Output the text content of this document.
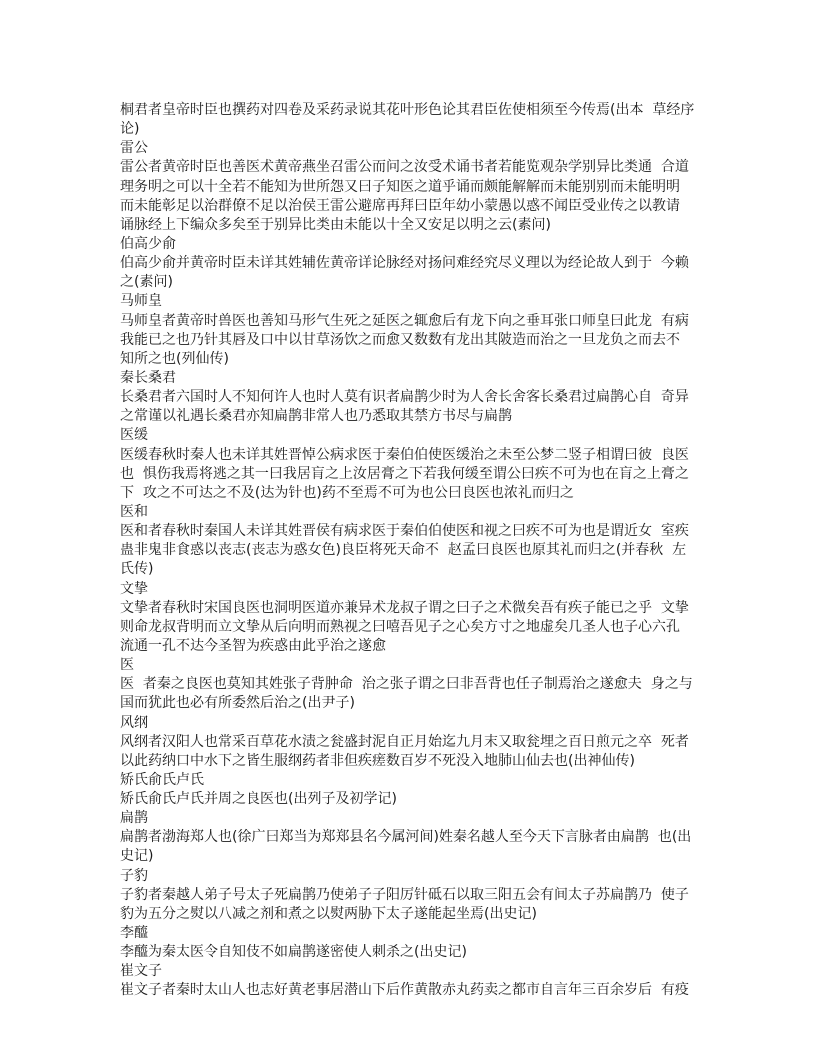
桐君者皇帝时臣也撰药对四卷及采药录说其花叶形色论其君臣佐使相须至今传焉(出本  草经序
论)
雷公
雷公者黄帝时臣也善医术黄帝燕坐召雷公而问之汝受术诵书者若能览观杂学别异比类通  合道
理务明之可以十全若不能知为世所怨又曰子知医之道乎诵而颇能解解而未能别别而未能明明
而未能彰足以治群僚不足以治侯王雷公避席再拜曰臣年幼小蒙愚以惑不闻臣受业传之以教请
诵脉经上下编众多矣至于别异比类由未能以十全又安足以明之云(素问)
伯高少俞
伯高少俞并黄帝时臣未详其姓辅佐黄帝详论脉经对扬问难经究尽义理以为经论故人到于  今赖
之(素问)
马师皇
马师皇者黄帝时兽医也善知马形气生死之延医之辄愈后有龙下向之垂耳张口师皇曰此龙  有病
我能已之也乃针其唇及口中以甘草汤饮之而愈又数数有龙出其陂造而治之一旦龙负之而去不
知所之也(列仙传)
秦长桑君
长桑君者六国时人不知何许人也时人莫有识者扁鹊少时为人舍长舍客长桑君过扁鹊心自  奇异
之常谨以礼遇长桑君亦知扁鹊非常人也乃悉取其禁方书尽与扁鹊
医缓
医缓春秋时秦人也未详其姓晋悼公病求医于秦伯伯使医缓治之未至公梦二竖子相谓曰彼  良医
也  惧伤我焉将逃之其一曰我居肓之上汝居膏之下若我何缓至谓公曰疾不可为也在肓之上膏之
下  攻之不可达之不及(达为针也)药不至焉不可为也公曰良医也浓礼而归之
医和
医和者春秋时秦国人未详其姓晋侯有病求医于秦伯伯使医和视之曰疾不可为也是谓近女  室疾
蛊非鬼非食惑以丧志(丧志为惑女色)良臣将死天命不  赵孟曰良医也原其礼而归之(并春秋  左
氏传)
文挚
文挚者春秋时宋国良医也洞明医道亦兼异术龙叔子谓之曰子之术微矣吾有疾子能已之乎  文挚
则命龙叔背明而立文挚从后向明而熟视之曰嘻吾见子之心矣方寸之地虚矣几圣人也子心六孔
流通一孔不达今圣智为疾惑由此乎治之遂愈
医
医  者秦之良医也莫知其姓张子背肿命  治之张子谓之曰非吾背也任子制焉治之遂愈夫  身之与
国而犹此也必有所委然后治之(出尹子)
风纲
风纲者汉阳人也常采百草花水渍之瓮盛封泥自正月始迄九月末又取瓮埋之百日煎元之卒  死者
以此药纳口中水下之皆生服纲药者非但疾瘥数百岁不死没入地肺山仙去也(出神仙传)
矫氏俞氏卢氏
矫氏俞氏卢氏并周之良医也(出列子及初学记)
扁鹊
扁鹊者渤海郑人也(徐广曰郑当为郑郑县名今属河间)姓秦名越人至今天下言脉者由扁鹊  也(出
史记)
子豹
子豹者秦越人弟子号太子死扁鹊乃使弟子子阳厉针砥石以取三阳五会有间太子苏扁鹊乃  使子
豹为五分之熨以八减之剂和煮之以熨两胁下太子遂能起坐焉(出史记)
李醯
李醯为秦太医令自知伎不如扁鹊遂密使人刺杀之(出史记)
崔文子
崔文子者秦时太山人也志好黄老事居潜山下后作黄散赤丸药卖之都市自言年三百余岁后  有疫
